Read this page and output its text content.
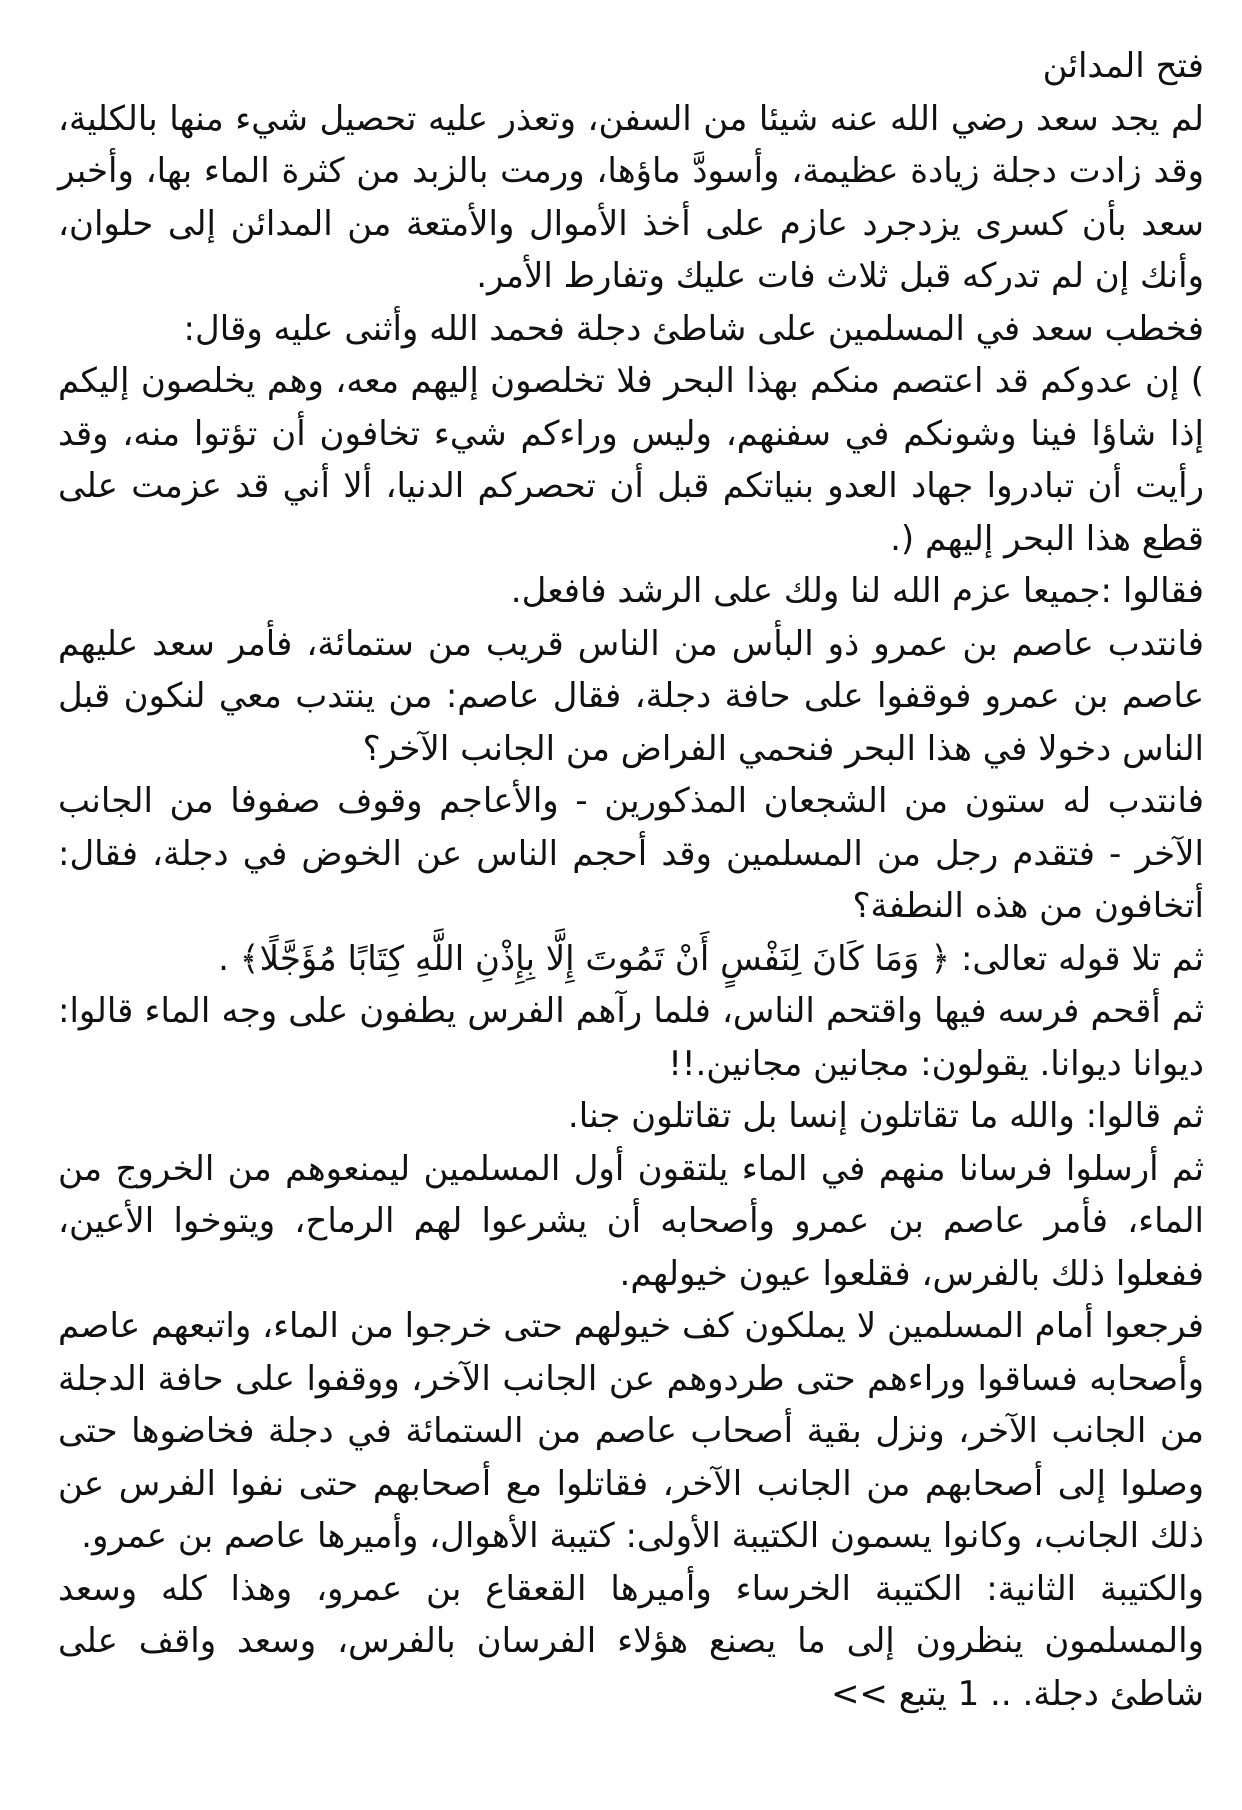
فتح المدائن

لم يجد سعد رضي الله عنه شيئا من السفن، وتعذر عليه تحصيل شيء منها بالكلية، وقد زادت دجلة زيادة عظيمة، وأسودَّ ماؤها، ورمت بالزبد من كثرة الماء بها، وأخبر سعد بأن كسرى يزدجرد عازم على أخذ الأموال والأمتعة من المدائن إلى حلوان، وأنك إن لم تدركه قبل ثلاث فات عليك وتفارط الأمر.

فخطب سعد في المسلمين على شاطئ دجلة فحمد الله وأثنى عليه وقال:

) إن عدوكم قد اعتصم منكم بهذا البحر فلا تخلصون إليهم معه، وهم يخلصون إليكم إذا شاؤا فينا وشونكم في سفنهم، وليس وراءكم شيء تخافون أن تؤتوا منه، وقد رأيت أن تبادروا جهاد العدو بنياتكم قبل أن تحصركم الدنيا، ألا أني قد عزمت على قطع هذا البحر إليهم (.

فقالوا :جميعا عزم الله لنا ولك على الرشد فافعل.

فانتدب عاصم بن عمرو ذو البأس من الناس قريب من ستمائة، فأمر سعد عليهم عاصم بن عمرو فوقفوا على حافة دجلة، فقال عاصم: من ينتدب معي لنكون قبل الناس دخولا في هذا البحر فنحمي الفراض من الجانب الآخر؟

فانتدب له ستون من الشجعان المذكورين - والأعاجم وقوف صفوفا من الجانب الآخر - فتقدم رجل من المسلمين وقد أحجم الناس عن الخوض في دجلة، فقال: أتخافون من هذه النطفة؟

ثم تلا قوله تعالى: ﴿ وَمَا كَانَ لِنَفْسٍ أَنْ تَمُوتَ إِلَّا بِإِذْنِ اللَّهِ كِتَابًا مُؤَجَّلًا﴾ .

ثم أقحم فرسه فيها واقتحم الناس، فلما رآهم الفرس يطفون على وجه الماء قالوا: ديوانا ديوانا. يقولون: مجانين مجانين.!!

ثم قالوا: والله ما تقاتلون إنسا بل تقاتلون جنا.

ثم أرسلوا فرسانا منهم في الماء يلتقون أول المسلمين ليمنعوهم من الخروج من الماء، فأمر عاصم بن عمرو وأصحابه أن يشرعوا لهم الرماح، ويتوخوا الأعين، ففعلوا ذلك بالفرس، فقلعوا عيون خيولهم.

فرجعوا أمام المسلمين لا يملكون كف خيولهم حتى خرجوا من الماء، واتبعهم عاصم وأصحابه فساقوا وراءهم حتى طردوهم عن الجانب الآخر، ووقفوا على حافة الدجلة من الجانب الآخر، ونزل بقية أصحاب عاصم من الستمائة في دجلة فخاضوها حتى وصلوا إلى أصحابهم من الجانب الآخر، فقاتلوا مع أصحابهم حتى نفوا الفرس عن ذلك الجانب، وكانوا يسمون الكتيبة الأولى: كتيبة الأهوال، وأميرها عاصم بن عمرو.

والكتيبة الثانية: الكتيبة الخرساء وأميرها القعقاع بن عمرو، وهذا كله وسعد والمسلمون ينظرون إلى ما يصنع هؤلاء الفرسان بالفرس، وسعد واقف على شاطئ دجلة. .. 1 يتبع >>
